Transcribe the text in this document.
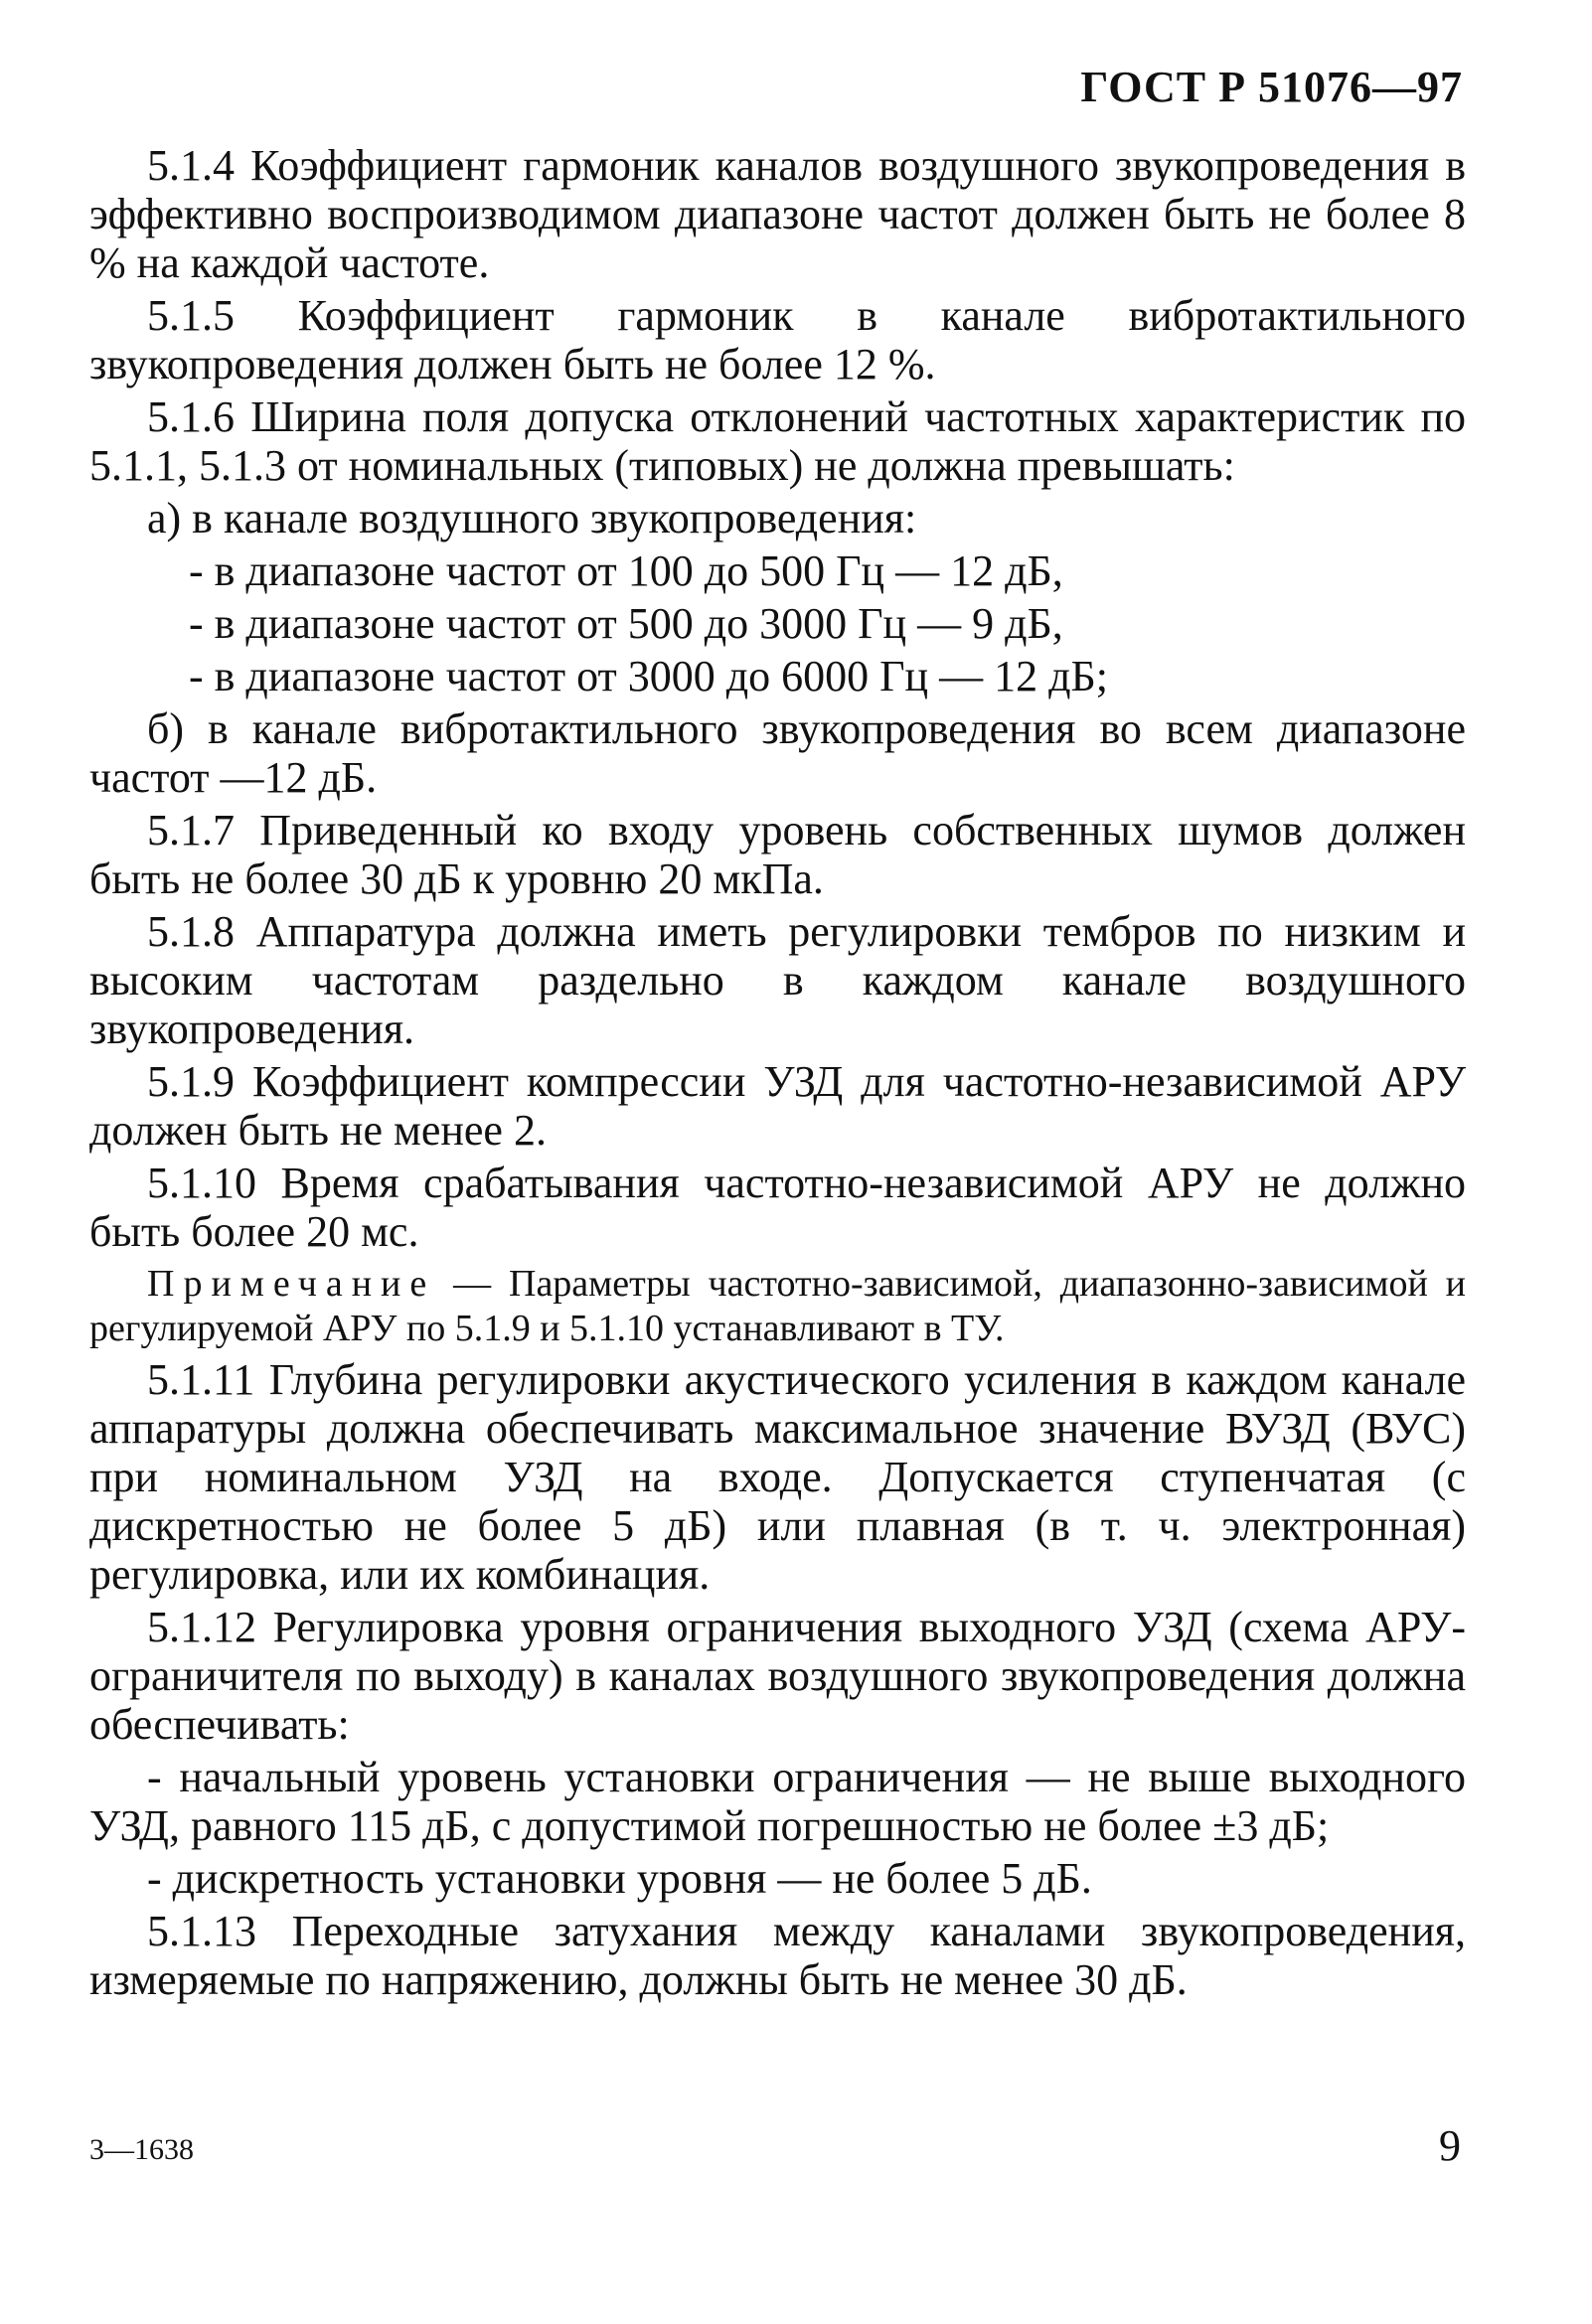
ГОСТ Р 51076—97

5.1.4 Коэффициент гармоник каналов воздушного звукопроведения в эффективно воспроизводимом диапазоне частот должен быть не более 8 % на каждой частоте.

5.1.5 Коэффициент гармоник в канале вибротактильного звукопроведения должен быть не более 12 %.

5.1.6 Ширина поля допуска отклонений частотных характеристик по 5.1.1, 5.1.3 от номинальных (типовых) не должна превышать:

а) в канале воздушного звукопроведения:

- в диапазоне частот от 100 до 500 Гц — 12 дБ,

- в диапазоне частот от 500 до 3000 Гц — 9 дБ,

- в диапазоне частот от 3000 до 6000 Гц — 12 дБ;

б) в канале вибротактильного звукопроведения во всем диапазоне частот —12 дБ.

5.1.7 Приведенный ко входу уровень собственных шумов должен быть не более 30 дБ к уровню 20 мкПа.

5.1.8 Аппаратура должна иметь регулировки тембров по низким и высоким частотам раздельно в каждом канале воздушного звукопроведения.

5.1.9 Коэффициент компрессии УЗД для частотно-независимой АРУ должен быть не менее 2.

5.1.10 Время срабатывания частотно-независимой АРУ не должно быть более 20 мс.

Примечание — Параметры частотно-зависимой, диапазонно-зависимой и регулируемой АРУ по 5.1.9 и 5.1.10 устанавливают в ТУ.

5.1.11 Глубина регулировки акустического усиления в каждом канале аппаратуры должна обеспечивать максимальное значение ВУЗД (ВУС) при номинальном УЗД на входе. Допускается ступенчатая (с дискретностью не более 5 дБ) или плавная (в т. ч. электронная) регулировка, или их комбинация.

5.1.12 Регулировка уровня ограничения выходного УЗД (схема АРУ-ограничителя по выходу) в каналах воздушного звукопроведения должна обеспечивать:

- начальный уровень установки ограничения — не выше выходного УЗД, равного 115 дБ, с допустимой погрешностью не более ±3 дБ;

- дискретность установки уровня — не более 5 дБ.

5.1.13 Переходные затухания между каналами звукопроведения, измеряемые по напряжению, должны быть не менее 30 дБ.

3—1638	9
